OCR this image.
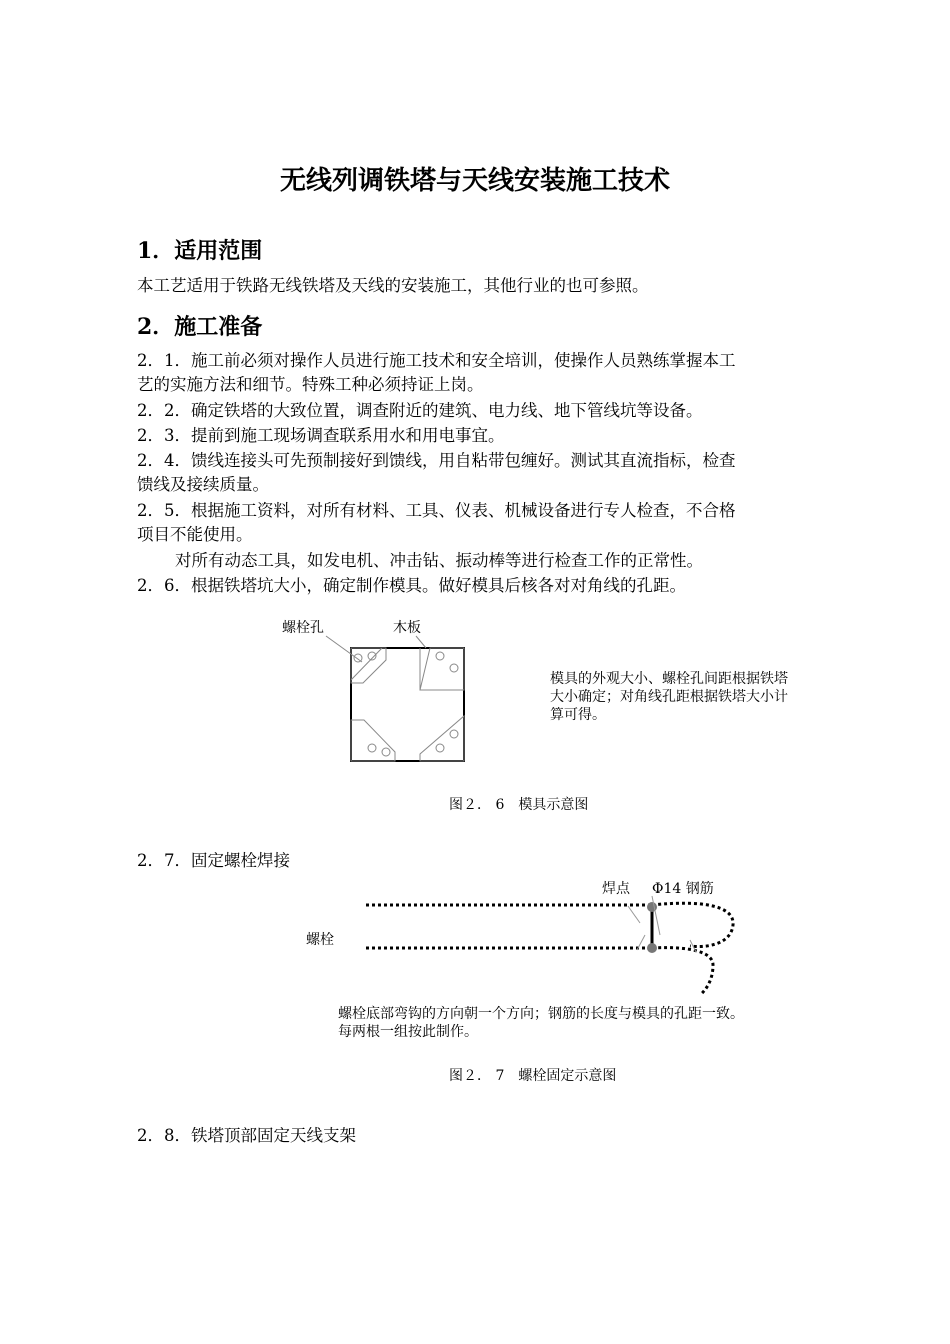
无线列调铁塔与天线安装施工技术
1．适用范围
本工艺适用于铁路无线铁塔及天线的安装施工，其他行业的也可参照。
2．施工准备
2．1．施工前必须对操作人员进行施工技术和安全培训，使操作人员熟练掌握本工
艺的实施方法和细节。特殊工种必须持证上岗。
2．2．确定铁塔的大致位置，调查附近的建筑、电力线、地下管线坑等设备。
2．3．提前到施工现场调查联系用水和用电事宜。
2．4．馈线连接头可先预制接好到馈线，用自粘带包缠好。测试其直流指标，检查
馈线及接续质量。
2．5．根据施工资料，对所有材料、工具、仪表、机械设备进行专人检查，不合格
项目不能使用。
对所有动态工具，如发电机、冲击钻、振动棒等进行检查工作的正常性。
2．6．根据铁塔坑大小，确定制作模具。做好模具后核各对对角线的孔距。
螺栓孔	木板
模具的外观大小、螺栓孔间距根据铁塔
大小确定；对角线孔距根据铁塔大小计
算可得。
图２． 6　模具示意图
2．7．固定螺栓焊接
焊点 Φ14 钢筋
螺栓
螺栓底部弯钩的方向朝一个方向；钢筋的长度与模具的孔距一致。
每两根一组按此制作。
图２． 7　螺栓固定示意图
2．8．铁塔顶部固定天线支架
